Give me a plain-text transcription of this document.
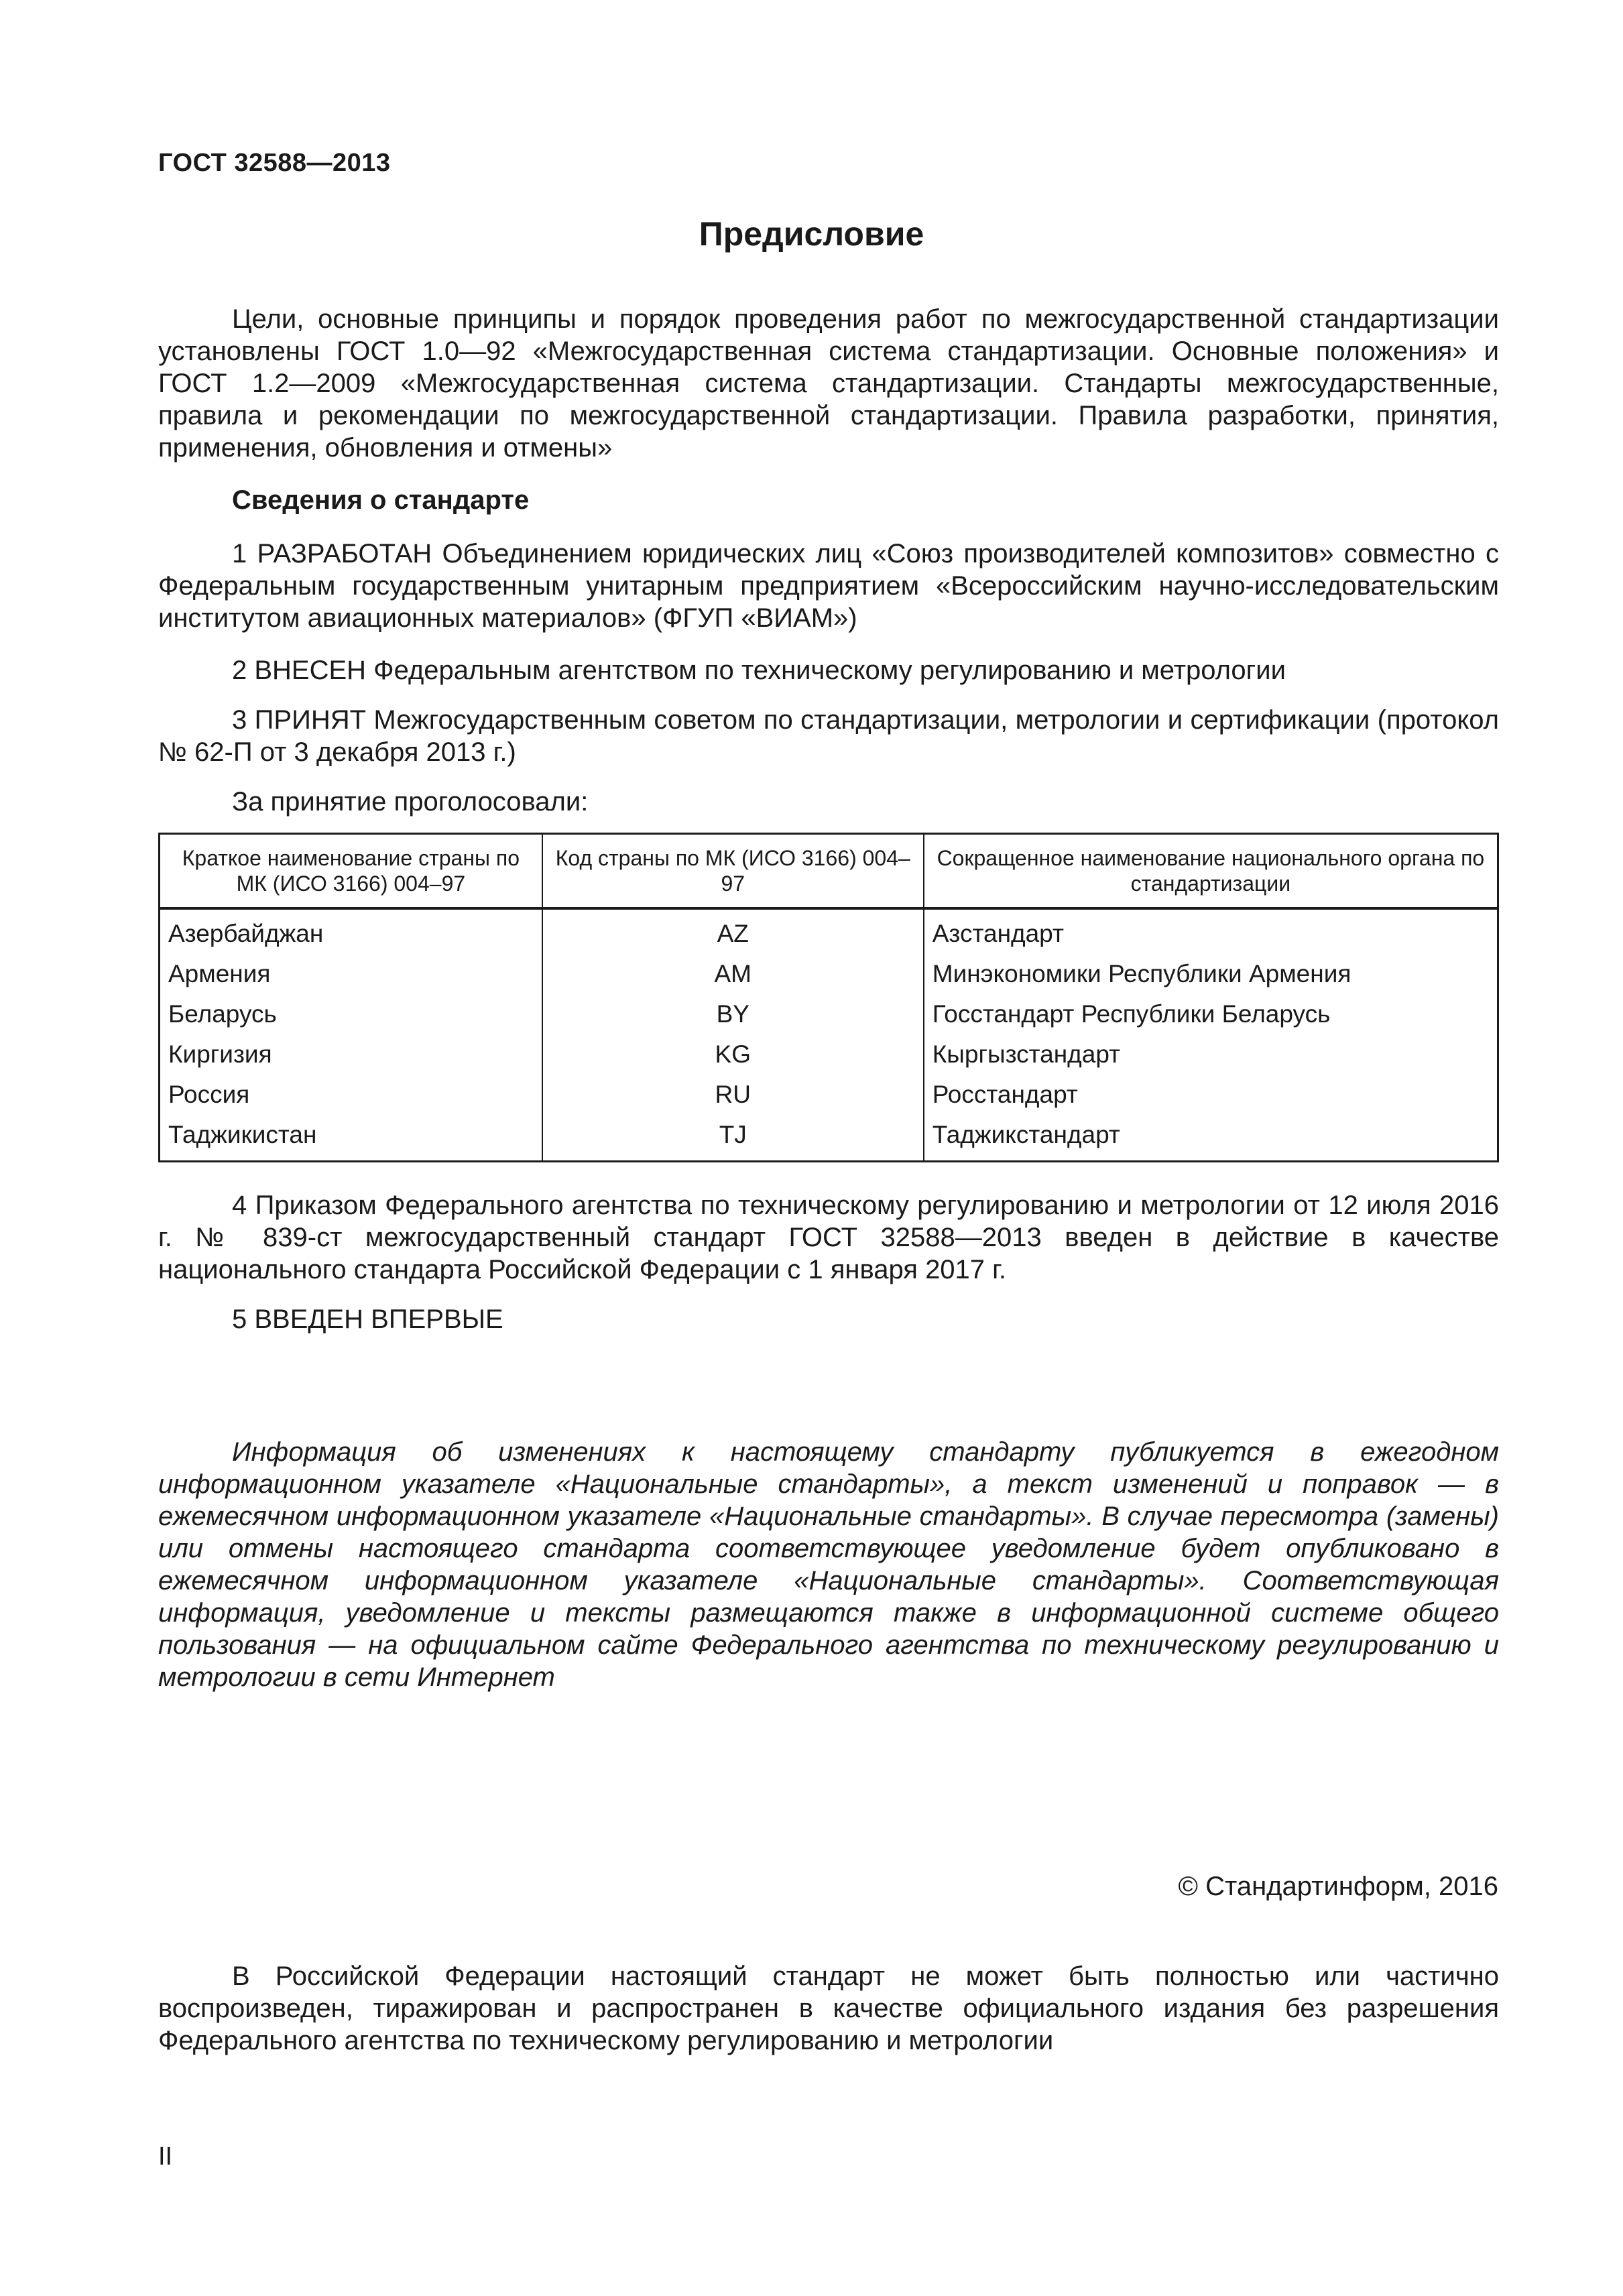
ГОСТ 32588—2013
Предисловие

Цели, основные принципы и порядок проведения работ по межгосударственной стандартизации установлены ГОСТ 1.0—92 «Межгосударственная система стандартизации. Основные положения» и ГОСТ 1.2—2009 «Межгосударственная система стандартизации. Стандарты межгосударственные, правила и рекомендации по межгосударственной стандартизации. Правила разработки, принятия, применения, обновления и отмены»

Сведения о стандарте

1 РАЗРАБОТАН Объединением юридических лиц «Союз производителей композитов» совместно с Федеральным государственным унитарным предприятием «Всероссийским научно-исследовательским институтом авиационных материалов» (ФГУП «ВИАМ»)

2 ВНЕСЕН Федеральным агентством по техническому регулированию и метрологии

3 ПРИНЯТ Межгосударственным советом по стандартизации, метрологии и сертификации (протокол № 62-П от 3 декабря 2013 г.)

За принятие проголосовали:

Краткое наименование страны по МК (ИСО 3166) 004–97	Код страны по МК (ИСО 3166) 004–97	Сокращенное наименование национального органа по стандартизации
Азербайджан	AZ	Азстандарт
Армения	AM	Минэкономики Республики Армения
Беларусь	BY	Госстандарт Республики Беларусь
Киргизия	KG	Кыргызстандарт
Россия	RU	Росстандарт
Таджикистан	TJ	Таджикстандарт

4 Приказом Федерального агентства по техническому регулированию и метрологии от 12 июля 2016 г. № 839-ст межгосударственный стандарт ГОСТ 32588—2013 введен в действие в качестве национального стандарта Российской Федерации с 1 января 2017 г.

5 ВВЕДЕН ВПЕРВЫЕ

Информация об изменениях к настоящему стандарту публикуется в ежегодном информационном указателе «Национальные стандарты», а текст изменений и поправок — в ежемесячном информационном указателе «Национальные стандарты». В случае пересмотра (замены) или отмены настоящего стандарта соответствующее уведомление будет опубликовано в ежемесячном информационном указателе «Национальные стандарты». Соответствующая информация, уведомление и тексты размещаются также в информационной системе общего пользования — на официальном сайте Федерального агентства по техническому регулированию и метрологии в сети Интернет

© Стандартинформ, 2016

В Российской Федерации настоящий стандарт не может быть полностью или частично воспроизведен, тиражирован и распространен в качестве официального издания без разрешения Федерального агентства по техническому регулированию и метрологии

II
